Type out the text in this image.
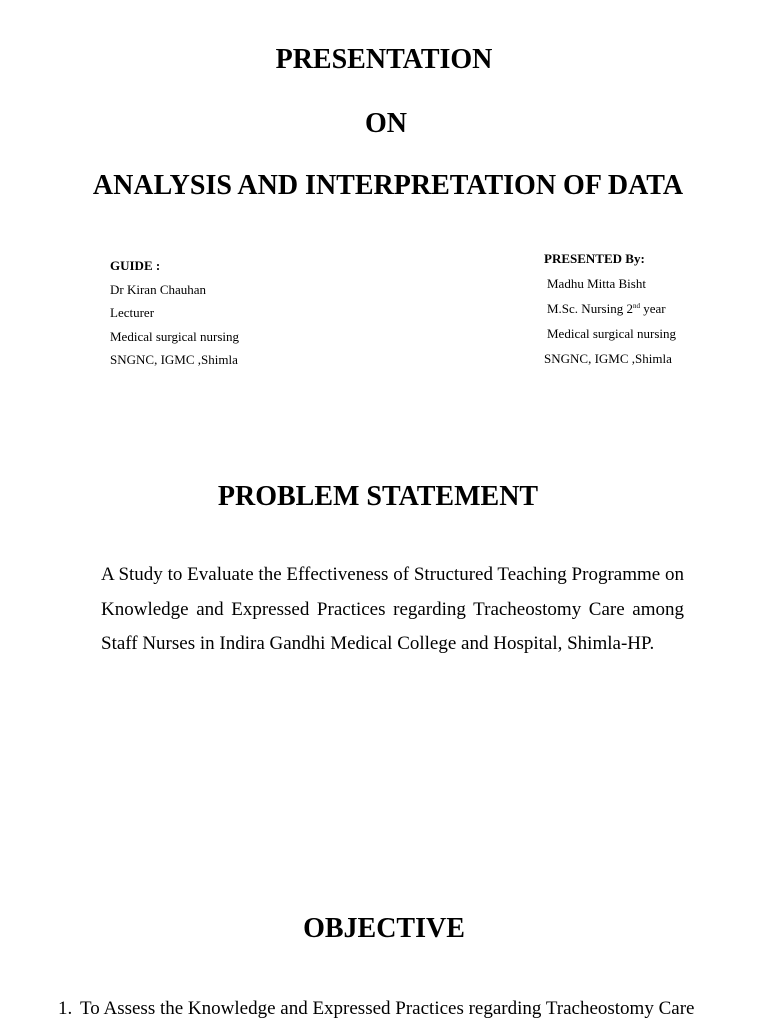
PRESENTATION
ON
ANALYSIS AND INTERPRETATION OF DATA
GUIDE :
Dr Kiran Chauhan
Lecturer
Medical surgical nursing
SNGNC, IGMC ,Shimla
PRESENTED By:
Madhu Mitta Bisht
M.Sc. Nursing 2nd year
Medical surgical nursing
SNGNC, IGMC ,Shimla
PROBLEM STATEMENT

A Study to Evaluate the Effectiveness of Structured Teaching Programme on Knowledge and Expressed Practices regarding Tracheostomy Care among Staff Nurses in Indira Gandhi Medical College and Hospital, Shimla-HP.

OBJECTIVE
1. To Assess the Knowledge and Expressed Practices regarding Tracheostomy Care
